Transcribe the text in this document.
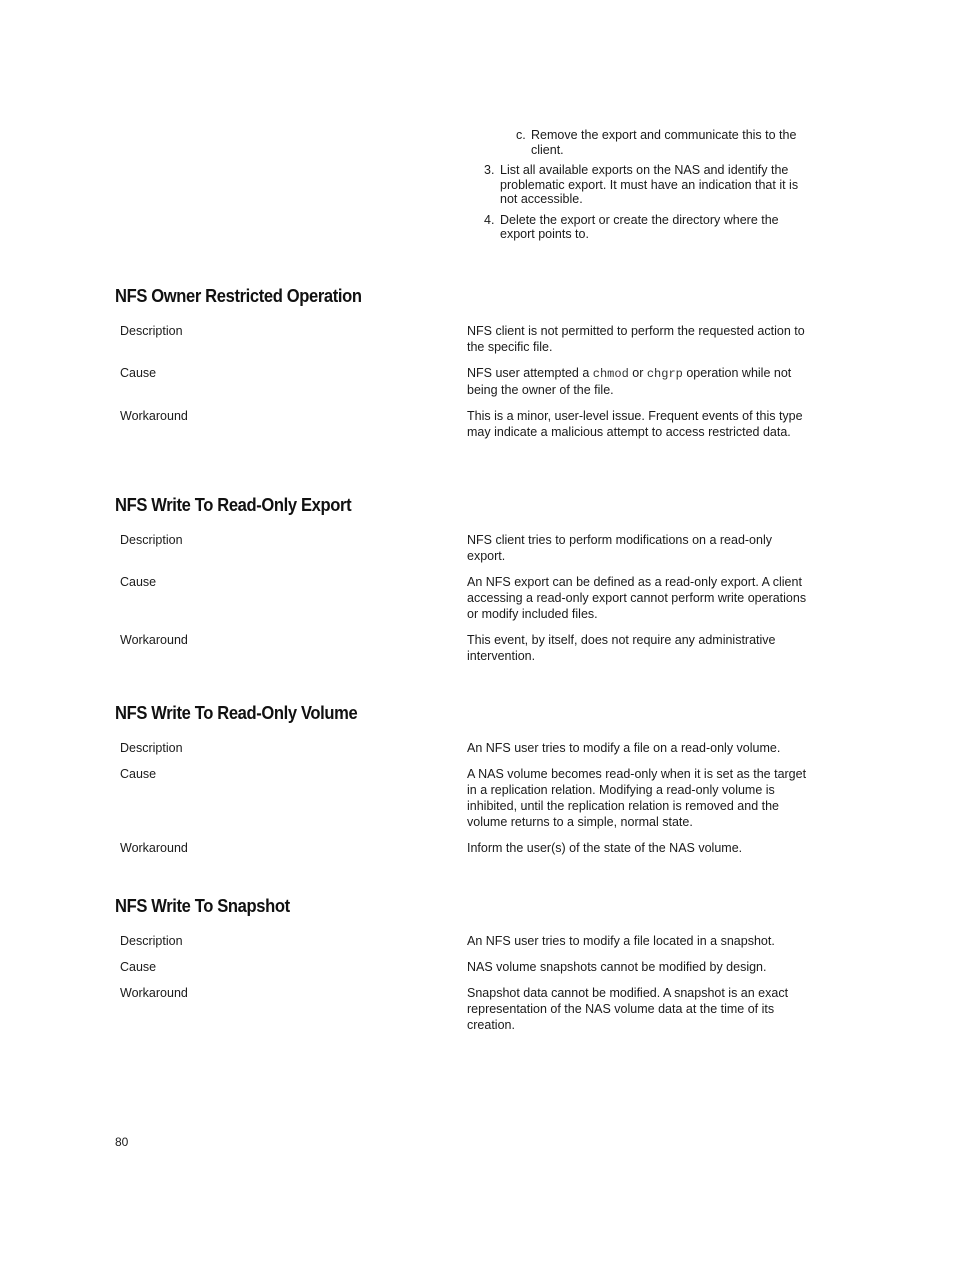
c. Remove the export and communicate this to the client.
3. List all available exports on the NAS and identify the problematic export. It must have an indication that it is not accessible.
4. Delete the export or create the directory where the export points to.
NFS Owner Restricted Operation
Description	NFS client is not permitted to perform the requested action to the specific file.
Cause	NFS user attempted a chmod or chgrp operation while not being the owner of the file.
Workaround	This is a minor, user-level issue. Frequent events of this type may indicate a malicious attempt to access restricted data.
NFS Write To Read-Only Export
Description	NFS client tries to perform modifications on a read-only export.
Cause	An NFS export can be defined as a read-only export. A client accessing a read-only export cannot perform write operations or modify included files.
Workaround	This event, by itself, does not require any administrative intervention.
NFS Write To Read-Only Volume
Description	An NFS user tries to modify a file on a read-only volume.
Cause	A NAS volume becomes read-only when it is set as the target in a replication relation. Modifying a read-only volume is inhibited, until the replication relation is removed and the volume returns to a simple, normal state.
Workaround	Inform the user(s) of the state of the NAS volume.
NFS Write To Snapshot
Description	An NFS user tries to modify a file located in a snapshot.
Cause	NAS volume snapshots cannot be modified by design.
Workaround	Snapshot data cannot be modified. A snapshot is an exact representation of the NAS volume data at the time of its creation.
80
